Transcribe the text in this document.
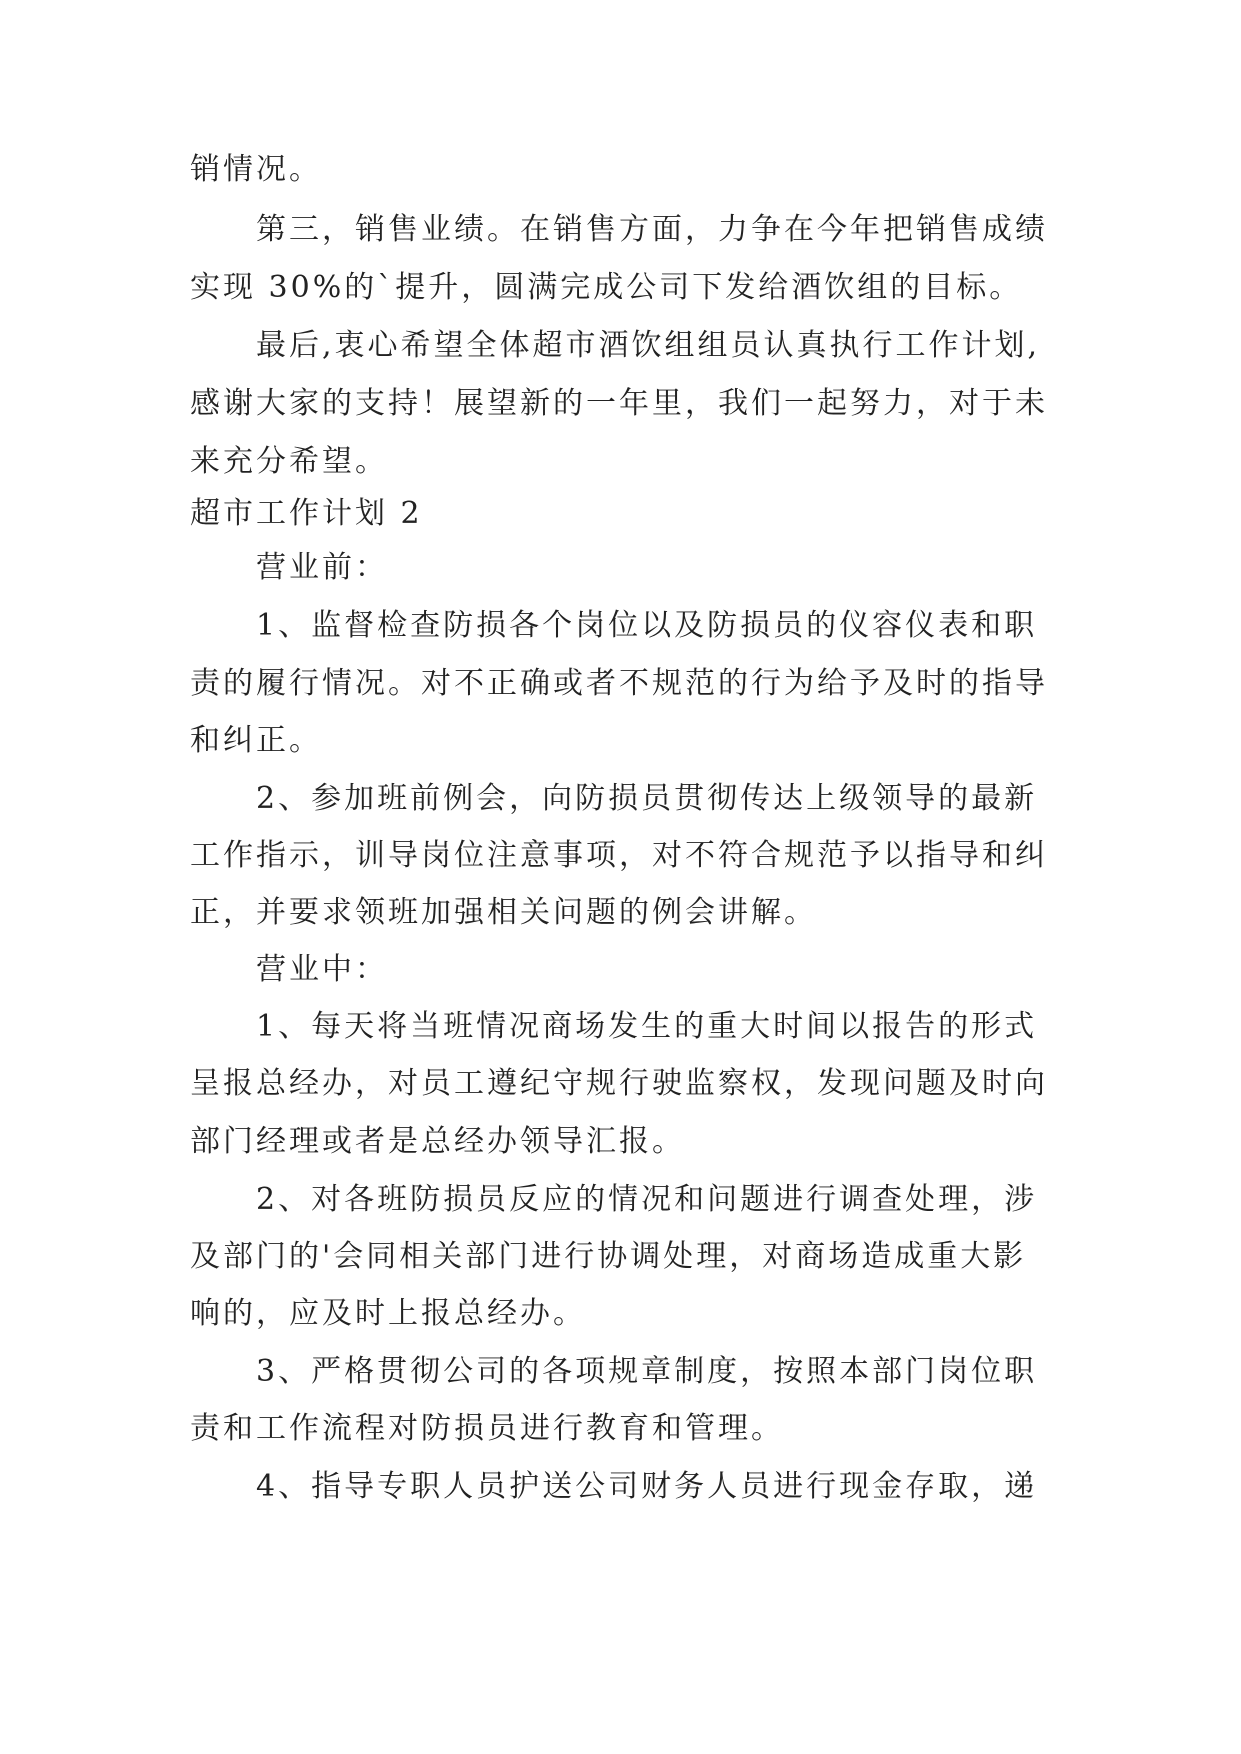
销情况。
第三，销售业绩。在销售方面，力争在今年把销售成绩
实现 30%的`提升，圆满完成公司下发给酒饮组的目标。
最后,衷心希望全体超市酒饮组组员认真执行工作计划,
感谢大家的支持！展望新的一年里，我们一起努力，对于未
来充分希望。
超市工作计划 2
营业前：
1、监督检查防损各个岗位以及防损员的仪容仪表和职
责的履行情况。对不正确或者不规范的行为给予及时的指导
和纠正。
2、参加班前例会，向防损员贯彻传达上级领导的最新
工作指示，训导岗位注意事项，对不符合规范予以指导和纠
正，并要求领班加强相关问题的例会讲解。
营业中：
1、每天将当班情况商场发生的重大时间以报告的形式
呈报总经办，对员工遵纪守规行驶监察权，发现问题及时向
部门经理或者是总经办领导汇报。
2、对各班防损员反应的情况和问题进行调查处理，涉
及部门的'会同相关部门进行协调处理，对商场造成重大影
响的，应及时上报总经办。
3、严格贯彻公司的各项规章制度，按照本部门岗位职
责和工作流程对防损员进行教育和管理。
4、指导专职人员护送公司财务人员进行现金存取，递
